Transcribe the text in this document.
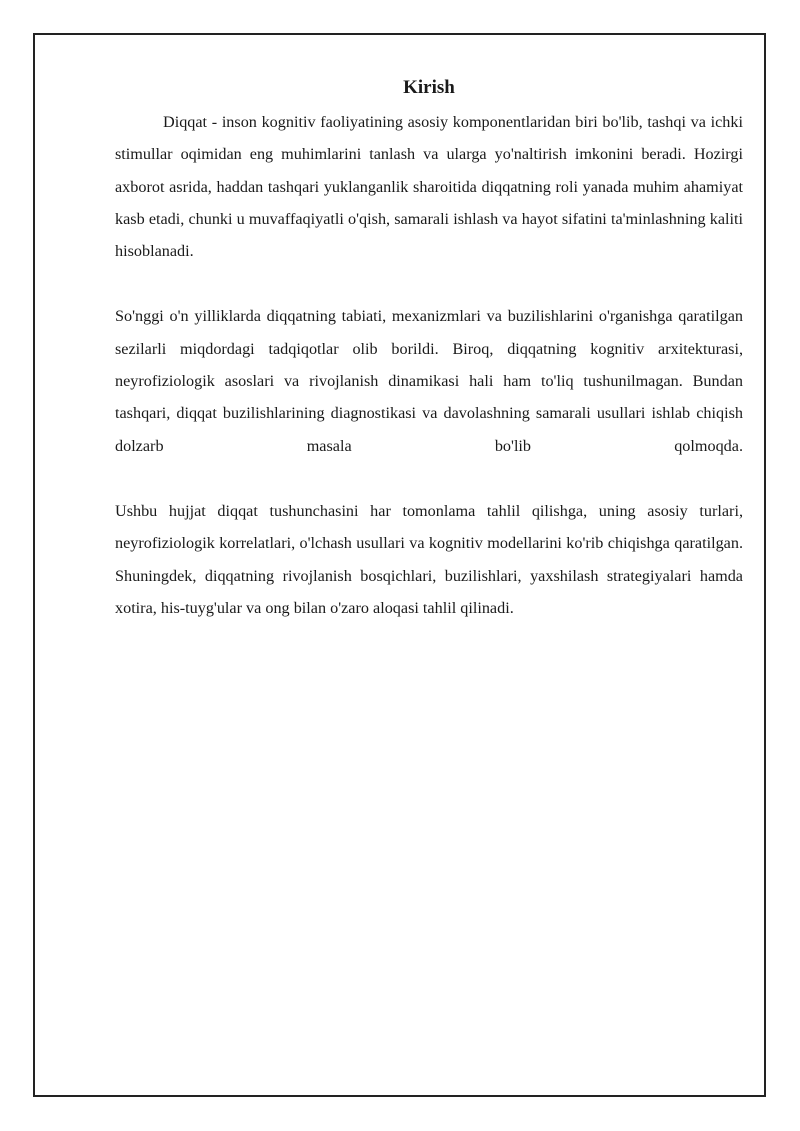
Kirish

Diqqat - inson kognitiv faoliyatining asosiy komponentlaridan biri bo'lib, tashqi va ichki stimullar oqimidan eng muhimlarini tanlash va ularga yo'naltirish imkonini beradi. Hozirgi axborot asrida, haddan tashqari yuklanganlik sharoitida diqqatning roli yanada muhim ahamiyat kasb etadi, chunki u muvaffaqiyatli o'qish, samarali ishlash va hayot sifatini ta'minlashning kaliti hisoblanadi.

So'nggi o'n yilliklarda diqqatning tabiati, mexanizmlari va buzilishlarini o'rganishga qaratilgan sezilarli miqdordagi tadqiqotlar olib borildi. Biroq, diqqatning kognitiv arxitekturasi, neyrofiziologik asoslari va rivojlanish dinamikasi hali ham to'liq tushunilmagan. Bundan tashqari, diqqat buzilishlarining diagnostikasi va davolashning samarali usullari ishlab chiqish dolzarb masala bo'lib qolmoqda.

Ushbu hujjat diqqat tushunchasini har tomonlama tahlil qilishga, uning asosiy turlari, neyrofiziologik korrelatlari, o'lchash usullari va kognitiv modellarini ko'rib chiqishga qaratilgan. Shuningdek, diqqatning rivojlanish bosqichlari, buzilishlari, yaxshilash strategiyalari hamda xotira, his-tuyg'ular va ong bilan o'zaro aloqasi tahlil qilinadi.
